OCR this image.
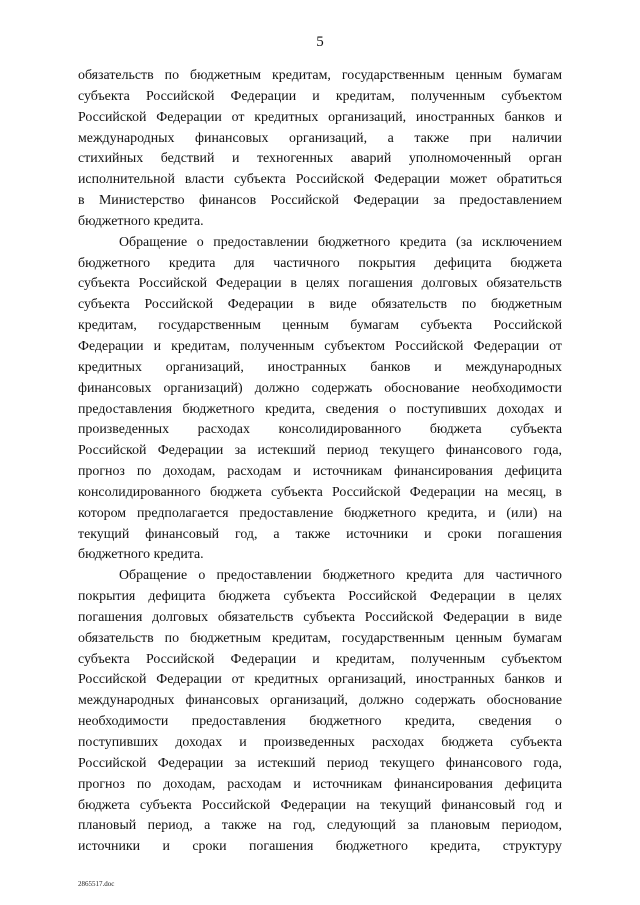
5

обязательств по бюджетным кредитам, государственным ценным бумагам
субъекта Российской Федерации и кредитам, полученным субъектом
Российской Федерации от кредитных организаций, иностранных банков и
международных финансовых организаций, а также при наличии
стихийных бедствий и техногенных аварий уполномоченный орган
исполнительной власти субъекта Российской Федерации может обратиться
в Министерство финансов Российской Федерации за предоставлением
бюджетного кредита.

Обращение о предоставлении бюджетного кредита (за исключением
бюджетного кредита для частичного покрытия дефицита бюджета
субъекта Российской Федерации в целях погашения долговых обязательств
субъекта Российской Федерации в виде обязательств по бюджетным
кредитам, государственным ценным бумагам субъекта Российской
Федерации и кредитам, полученным субъектом Российской Федерации от
кредитных организаций, иностранных банков и международных
финансовых организаций) должно содержать обоснование необходимости
предоставления бюджетного кредита, сведения о поступивших доходах и
произведенных расходах консолидированного бюджета субъекта
Российской Федерации за истекший период текущего финансового года,
прогноз по доходам, расходам и источникам финансирования дефицита
консолидированного бюджета субъекта Российской Федерации на месяц, в
котором предполагается предоставление бюджетного кредита, и (или) на
текущий финансовый год, а также источники и сроки погашения
бюджетного кредита.

Обращение о предоставлении бюджетного кредита для частичного
покрытия дефицита бюджета субъекта Российской Федерации в целях
погашения долговых обязательств субъекта Российской Федерации в виде
обязательств по бюджетным кредитам, государственным ценным бумагам
субъекта Российской Федерации и кредитам, полученным субъектом
Российской Федерации от кредитных организаций, иностранных банков и
международных финансовых организаций, должно содержать обоснование
необходимости предоставления бюджетного кредита, сведения о
поступивших доходах и произведенных расходах бюджета субъекта
Российской Федерации за истекший период текущего финансового года,
прогноз по доходам, расходам и источникам финансирования дефицита
бюджета субъекта Российской Федерации на текущий финансовый год и
плановый период, а также на год, следующий за плановым периодом,
источники и сроки погашения бюджетного кредита, структуру

2865517.doc
